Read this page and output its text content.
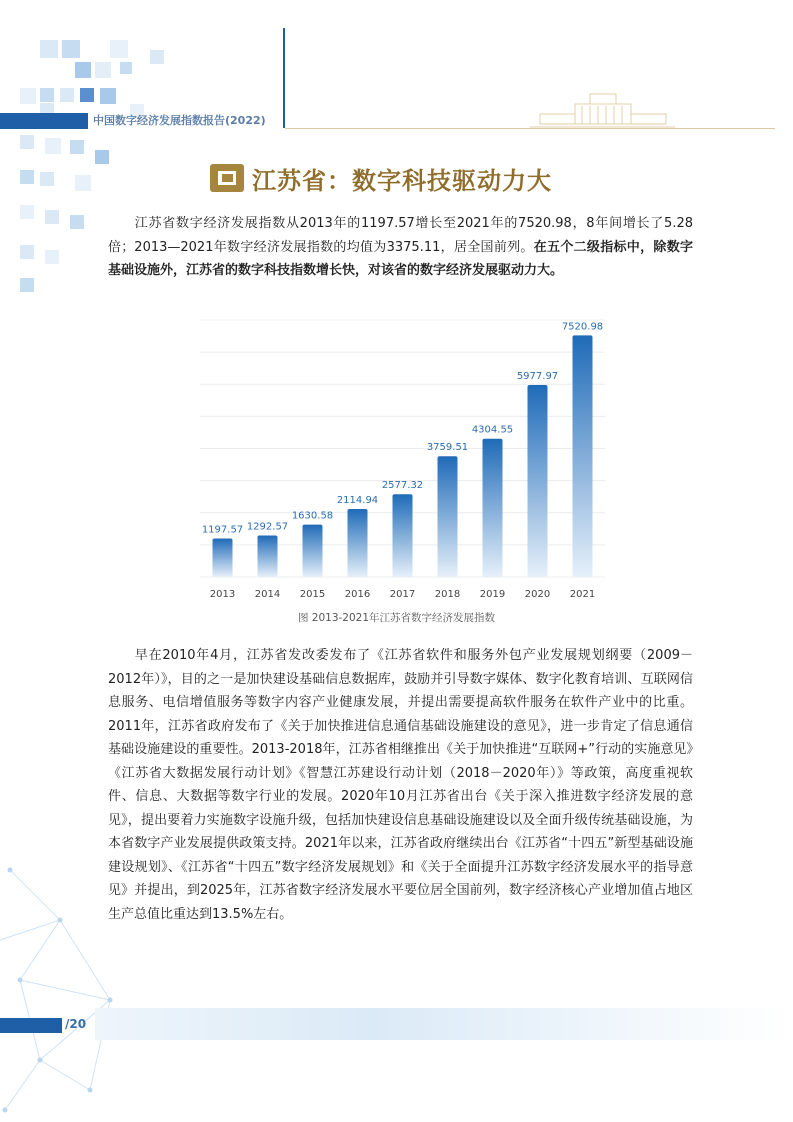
中国数字经济发展指数报告(2022)
江苏省：数字科技驱动力大
江苏省数字经济发展指数从2013年的1197.57增长至2021年的7520.98，8年间增长了5.28倍；2013—2021年数字经济发展指数的均值为3375.11，居全国前列。在五个二级指标中，除数字基础设施外，江苏省的数字科技指数增长快，对该省的数字经济发展驱动力大。
1197.57 1292.57
1630.58
2114.94
2577.32
3759.51
4304.55
5977.97
7520.98
2013 2014 2015 2016 2017 2018 2019 2020 2021
图 2013-2021年江苏省数字经济发展指数
早在2010年4月，江苏省发改委发布了《江苏省软件和服务外包产业发展规划纲要（2009－2012年）》，目的之一是加快建设基础信息数据库，鼓励并引导数字媒体、数字化教育培训、互联网信息服务、电信增值服务等数字内容产业健康发展，并提出需要提高软件服务在软件产业中的比重。2011年，江苏省政府发布了《关于加快推进信息通信基础设施建设的意见》，进一步肯定了信息通信基础设施建设的重要性。2013-2018年，江苏省相继推出《关于加快推进“互联网+”行动的实施意见》《江苏省大数据发展行动计划》《智慧江苏建设行动计划（2018－2020年）》等政策，高度重视软件、信息、大数据等数字行业的发展。2020年10月江苏省出台《关于深入推进数字经济发展的意见》，提出要着力实施数字设施升级，包括加快建设信息基础设施建设以及全面升级传统基础设施，为本省数字产业发展提供政策支持。2021年以来，江苏省政府继续出台《江苏省“十四五”新型基础设施建设规划》、《江苏省“十四五”数字经济发展规划》和《关于全面提升江苏数字经济发展水平的指导意见》并提出，到2025年，江苏省数字经济发展水平要位居全国前列，数字经济核心产业增加值占地区生产总值比重达到13.5%左右。
/20
